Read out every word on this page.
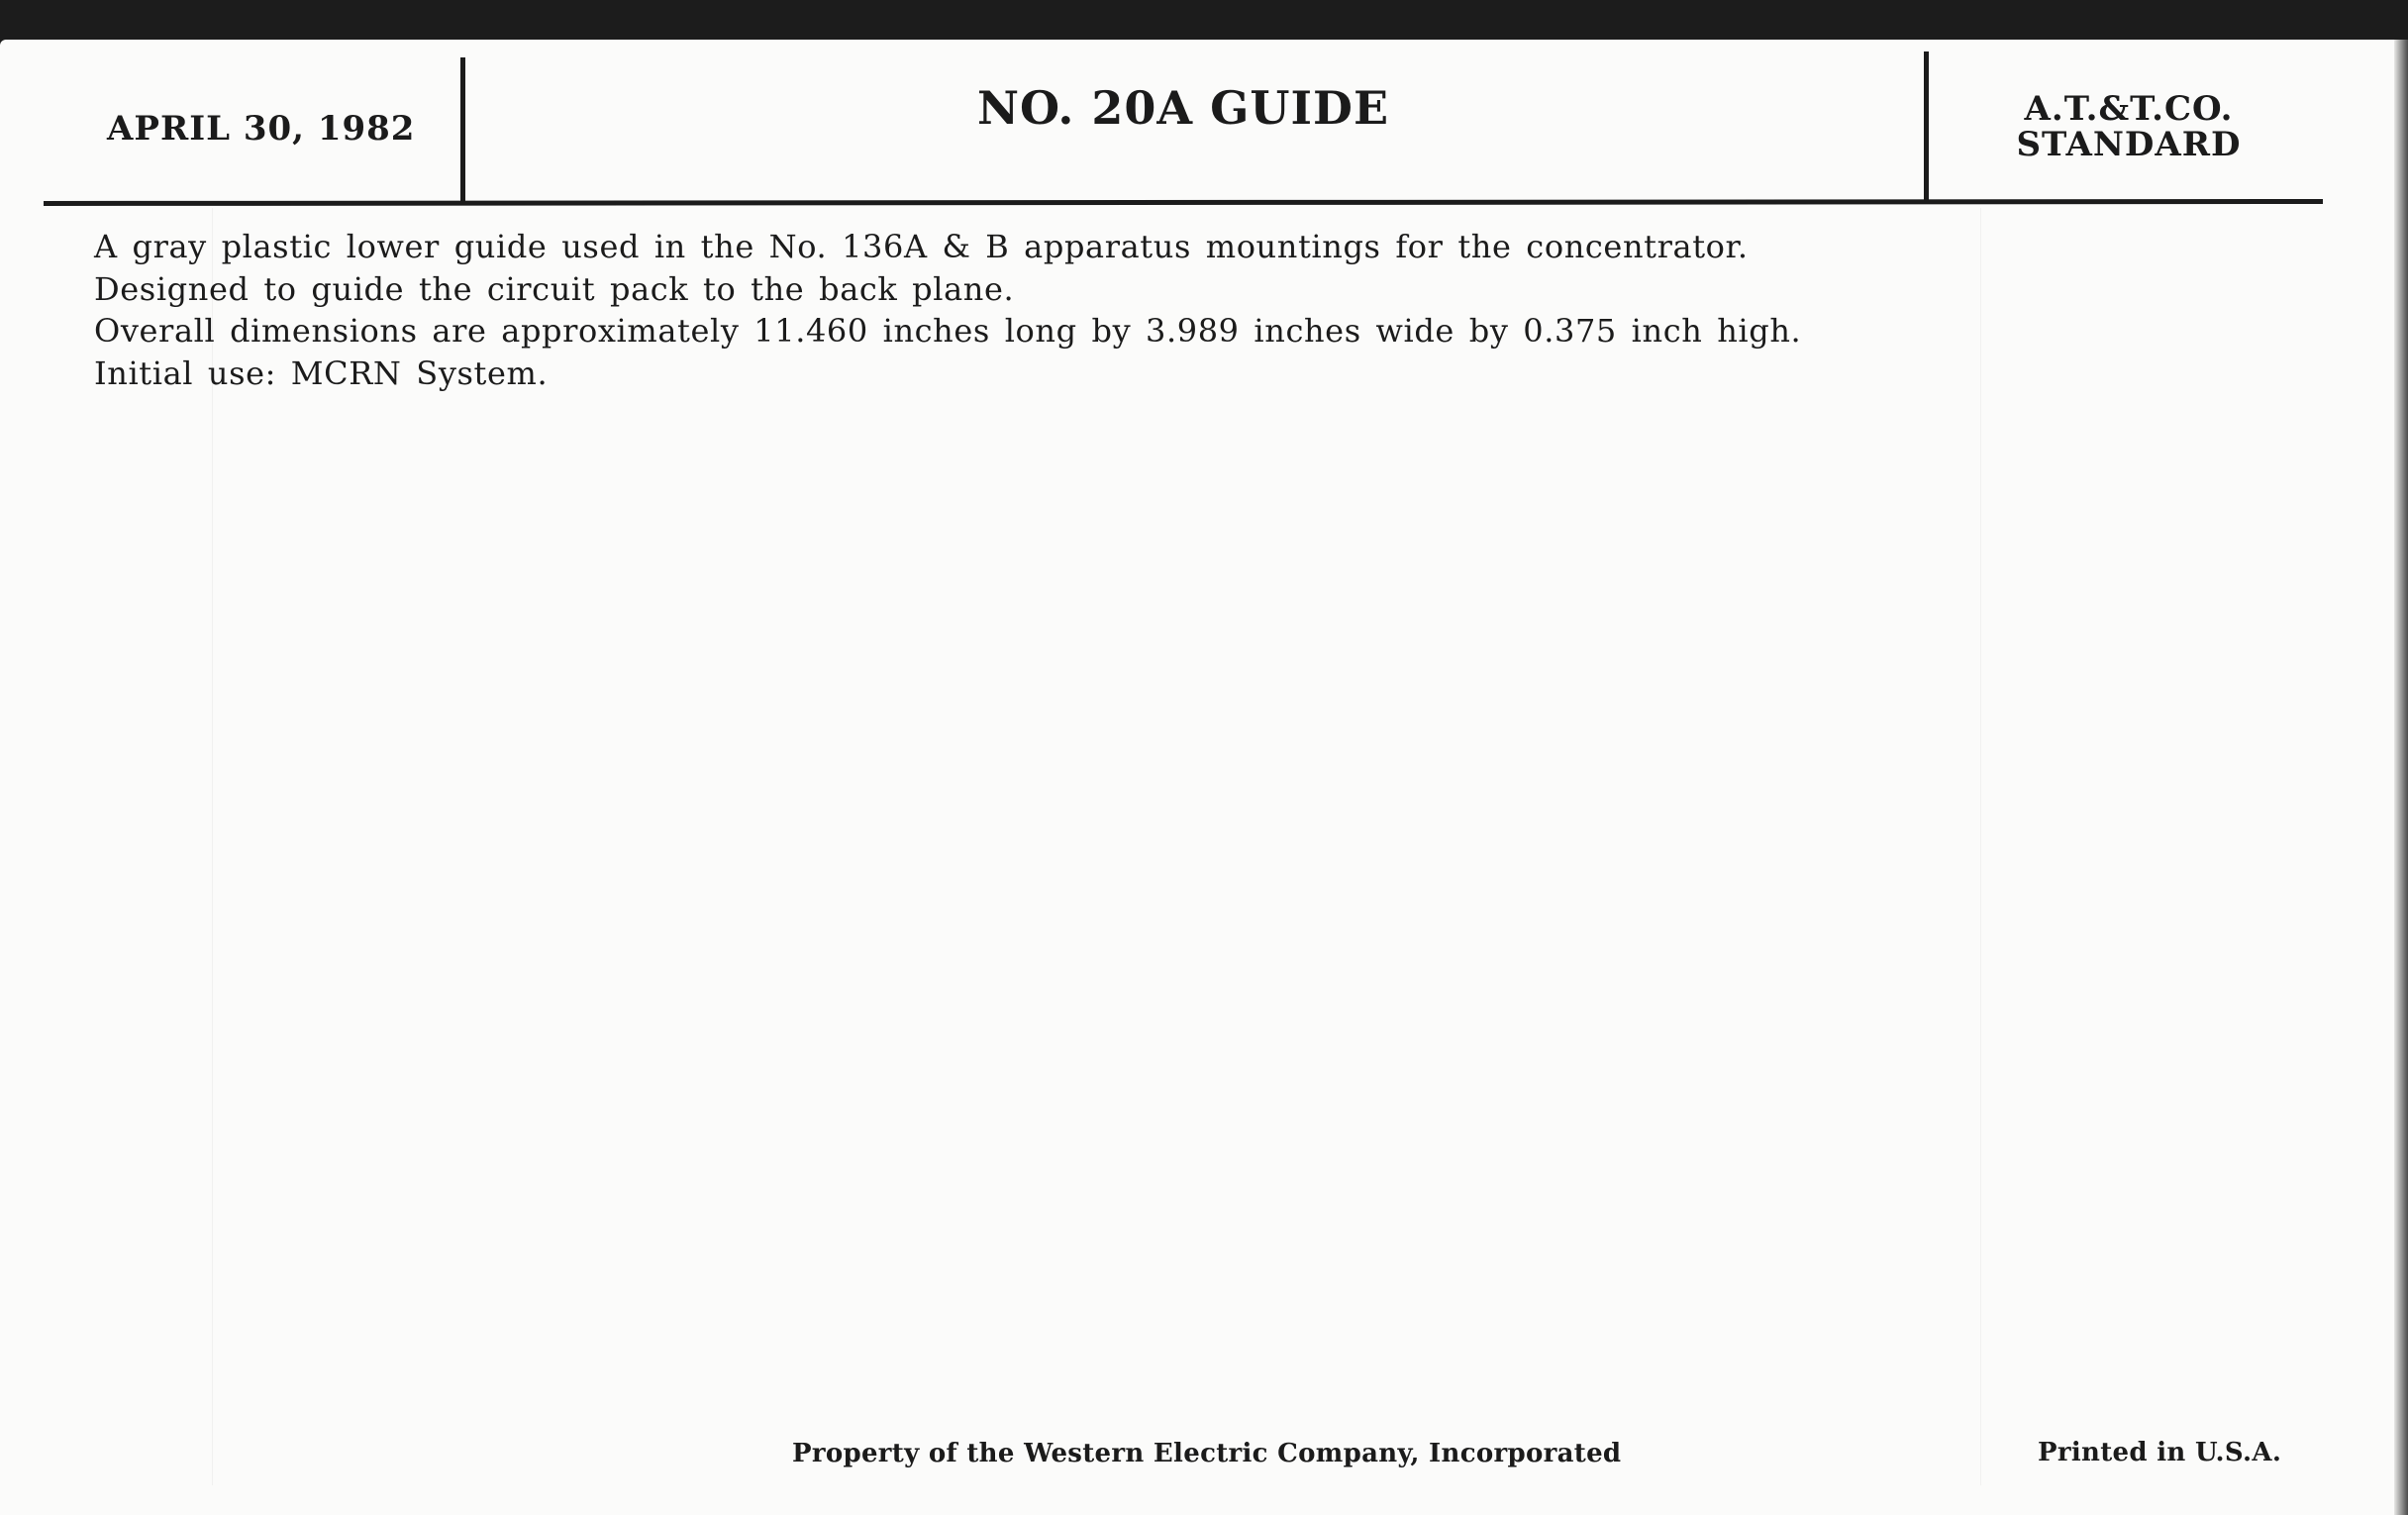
APRIL 30, 1982	NO. 20A GUIDE	A.T.&T.CO.
STANDARD
A gray plastic lower guide used in the No. 136A & B apparatus mountings for the concentrator.
Designed to guide the circuit pack to the back plane.
Overall dimensions are approximately 11.460 inches long by 3.989 inches wide by 0.375 inch high.
Initial use: MCRN System.
Property of the Western Electric Company, Incorporated	Printed in U.S.A.
